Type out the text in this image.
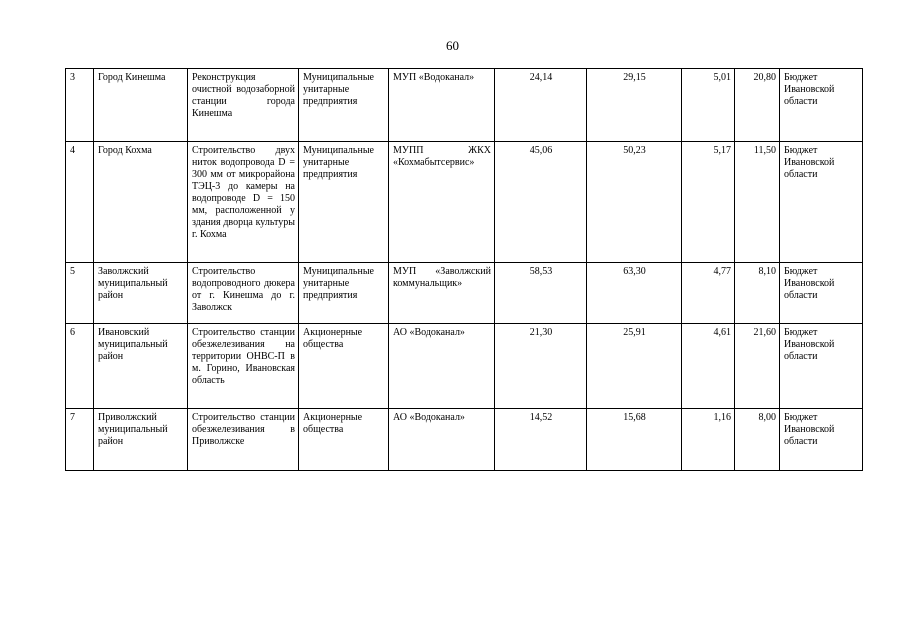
60
3	Город Кинешма	Реконструкция очистной водозаборной станции города Кинешма	Муниципальные унитарные предприятия	МУП «Водоканал»	24,14	29,15	5,01	20,80	Бюджет Ивановской области
4	Город Кохма	Строительство двух ниток водопровода D = 300 мм от микрорайона ТЭЦ-3 до камеры на водопроводе D = 150 мм, расположенной у здания дворца культуры г. Кохма	Муниципальные унитарные предприятия	МУПП ЖКХ «Кохмабытсервис»	45,06	50,23	5,17	11,50	Бюджет Ивановской области
5	Заволжский муниципальный район	Строительство водопроводного дюкера от г. Кинешма до г. Заволжск	Муниципальные унитарные предприятия	МУП «Заволжский коммунальщик»	58,53	63,30	4,77	8,10	Бюджет Ивановской области
6	Ивановский муниципальный район	Строительство станции обезжелезивания на территории ОНВС-П в м. Горино, Ивановская область	Акционерные общества	АО «Водоканал»	21,30	25,91	4,61	21,60	Бюджет Ивановской области
7	Приволжский муниципальный район	Строительство станции обезжелезивания в Приволжске	Акционерные общества	АО «Водоканал»	14,52	15,68	1,16	8,00	Бюджет Ивановской области
